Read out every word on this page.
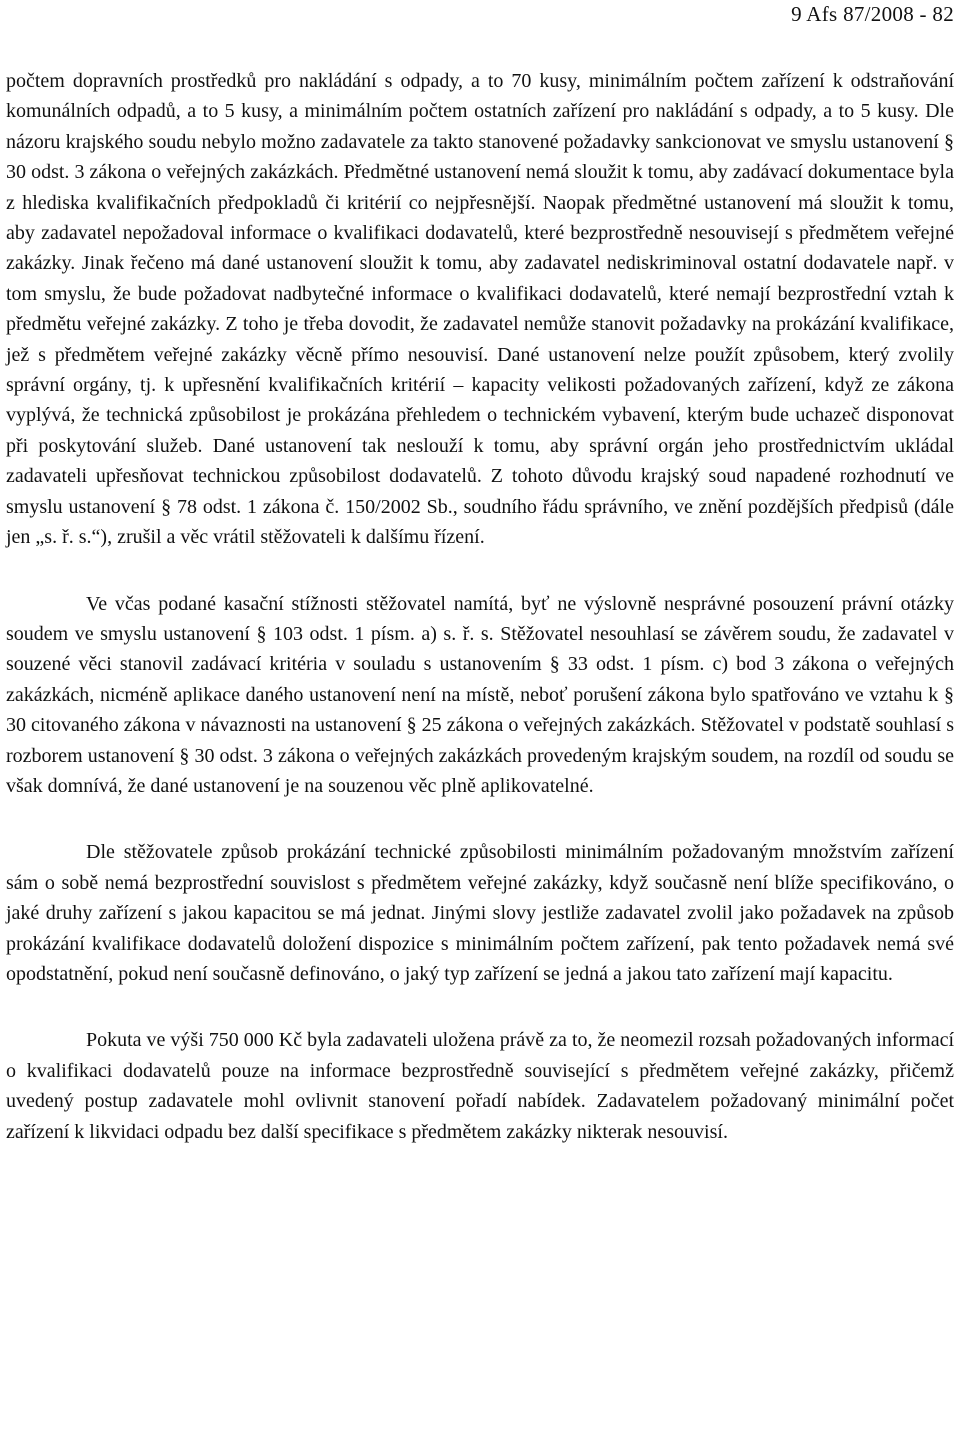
9 Afs 87/2008 - 82

počtem dopravních prostředků pro nakládání s odpady, a to 70 kusy, minimálním počtem zařízení k odstraňování komunálních odpadů, a to 5 kusy, a minimálním počtem ostatních zařízení pro nakládání s odpady, a to 5 kusy. Dle názoru krajského soudu nebylo možno zadavatele za takto stanovené požadavky sankcionovat ve smyslu ustanovení § 30 odst. 3 zákona o veřejných zakázkách. Předmětné ustanovení nemá sloužit k tomu, aby zadávací dokumentace byla z hlediska kvalifikačních předpokladů či kritérií co nejpřesnější. Naopak předmětné ustanovení má sloužit k tomu, aby zadavatel nepožadoval informace o kvalifikaci dodavatelů, které bezprostředně nesouvisejí s předmětem veřejné zakázky. Jinak řečeno má dané ustanovení sloužit k tomu, aby zadavatel nediskriminoval ostatní dodavatele např. v tom smyslu, že bude požadovat nadbytečné informace o kvalifikaci dodavatelů, které nemají bezprostřední vztah k předmětu veřejné zakázky. Z toho je třeba dovodit, že zadavatel nemůže stanovit požadavky na prokázání kvalifikace, jež s předmětem veřejné zakázky věcně přímo nesouvisí. Dané ustanovení nelze použít způsobem, který zvolily správní orgány, tj. k upřesnění kvalifikačních kritérií – kapacity velikosti požadovaných zařízení, když ze zákona vyplývá, že technická způsobilost je prokázána přehledem o technickém vybavení, kterým bude uchazeč disponovat při poskytování služeb. Dané ustanovení tak neslouží k tomu, aby správní orgán jeho prostřednictvím ukládal zadavateli upřesňovat technickou způsobilost dodavatelů. Z tohoto důvodu krajský soud napadené rozhodnutí ve smyslu ustanovení § 78 odst. 1 zákona č. 150/2002 Sb., soudního řádu správního, ve znění pozdějších předpisů (dále jen „s. ř. s.“), zrušil a věc vrátil stěžovateli k dalšímu řízení.

Ve včas podané kasační stížnosti stěžovatel namítá, byť ne výslovně nesprávné posouzení právní otázky soudem ve smyslu ustanovení § 103 odst. 1 písm. a) s. ř. s. Stěžovatel nesouhlasí se závěrem soudu, že zadavatel v souzené věci stanovil zadávací kritéria v souladu s ustanovením § 33 odst. 1 písm. c) bod 3 zákona o veřejných zakázkách, nicméně aplikace daného ustanovení není na místě, neboť porušení zákona bylo spatřováno ve vztahu k § 30 citovaného zákona v návaznosti na ustanovení § 25 zákona o veřejných zakázkách. Stěžovatel v podstatě souhlasí s rozborem ustanovení § 30 odst. 3 zákona o veřejných zakázkách provedeným krajským soudem, na rozdíl od soudu se však domnívá, že dané ustanovení je na souzenou věc plně aplikovatelné.

Dle stěžovatele způsob prokázání technické způsobilosti minimálním požadovaným množstvím zařízení sám o sobě nemá bezprostřední souvislost s předmětem veřejné zakázky, když současně není blíže specifikováno, o jaké druhy zařízení s jakou kapacitou se má jednat. Jinými slovy jestliže zadavatel zvolil jako požadavek na způsob prokázání kvalifikace dodavatelů doložení dispozice s minimálním počtem zařízení, pak tento požadavek nemá své opodstatnění, pokud není současně definováno, o jaký typ zařízení se jedná a jakou tato zařízení mají kapacitu.

Pokuta ve výši 750 000 Kč byla zadavateli uložena právě za to, že neomezil rozsah požadovaných informací o kvalifikaci dodavatelů pouze na informace bezprostředně související s předmětem veřejné zakázky, přičemž uvedený postup zadavatele mohl ovlivnit stanovení pořadí nabídek. Zadavatelem požadovaný minimální počet zařízení k likvidaci odpadu bez další specifikace s předmětem zakázky nikterak nesouvisí.
